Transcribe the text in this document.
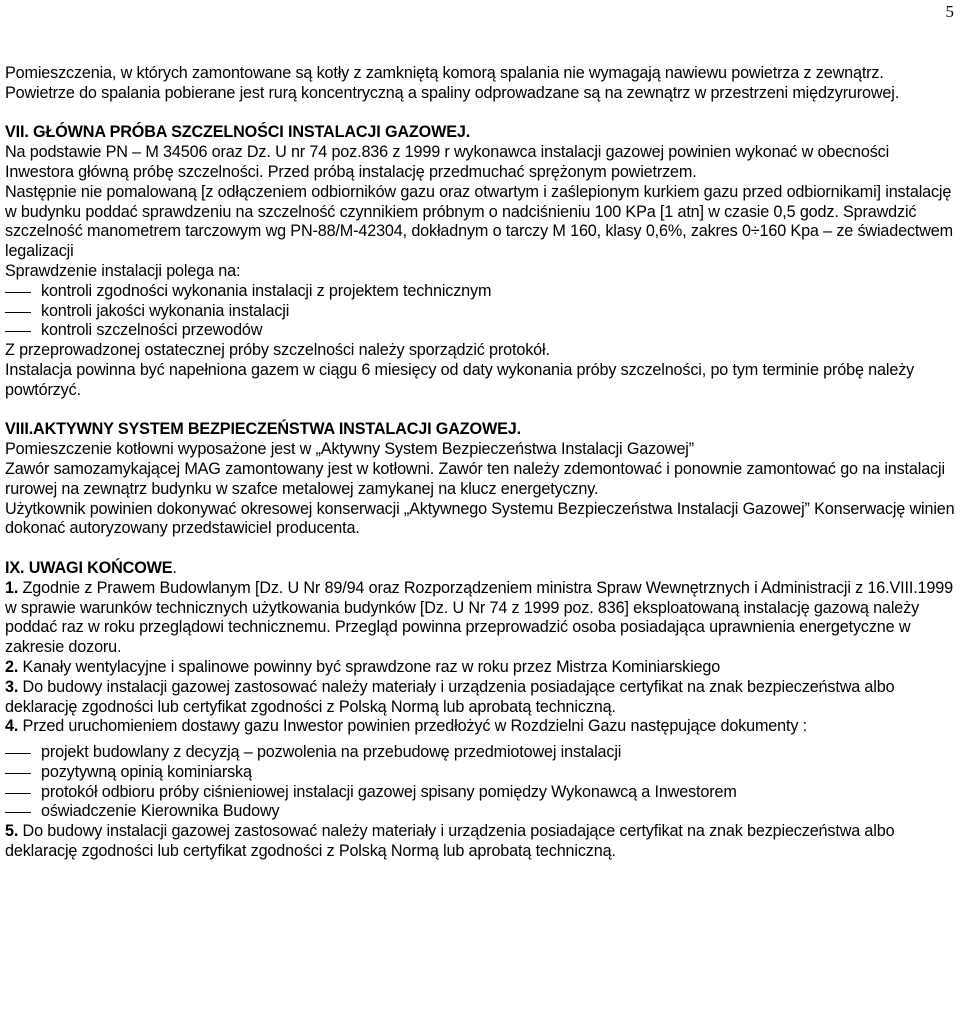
5

Pomieszczenia, w których zamontowane są kotły z zamkniętą komorą spalania nie wymagają nawiewu powietrza z zewnątrz. Powietrze do spalania pobierane jest rurą koncentryczną a spaliny odprowadzane są na zewnątrz w przestrzeni międzyrurowej.

VII. GŁÓWNA PRÓBA SZCZELNOŚCI INSTALACJI GAZOWEJ.

Na podstawie PN – M 34506 oraz Dz. U nr 74 poz.836 z 1999 r wykonawca instalacji gazowej powinien wykonać w obecności Inwestora główną próbę szczelności. Przed próbą instalację przedmuchać sprężonym powietrzem.

Następnie nie pomalowaną [z odłączeniem odbiorników gazu oraz otwartym i zaślepionym kurkiem gazu przed odbiornikami] instalację w budynku poddać sprawdzeniu na szczelność czynnikiem próbnym o nadciśnieniu 100 KPa [1 atn] w czasie 0,5 godz. Sprawdzić szczelność manometrem tarczowym wg PN-88/M-42304, dokładnym o tarczy M 160, klasy 0,6%, zakres 0÷160 Kpa – ze świadectwem legalizacji

Sprawdzenie instalacji polega na:

kontroli zgodności wykonania instalacji z projektem technicznym
kontroli jakości wykonania instalacji
kontroli szczelności przewodów

Z przeprowadzonej ostatecznej próby szczelności należy sporządzić protokół.

Instalacja powinna być napełniona gazem w ciągu 6 miesięcy od daty wykonania próby szczelności, po tym terminie próbę należy powtórzyć.

VIII.AKTYWNY SYSTEM BEZPIECZEŃSTWA INSTALACJI GAZOWEJ.

Pomieszczenie kotłowni wyposażone jest w „Aktywny System Bezpieczeństwa Instalacji Gazowej”

Zawór samozamykającej MAG zamontowany jest w kotłowni. Zawór ten należy zdemontować i ponownie zamontować go na instalacji rurowej na zewnątrz budynku w szafce metalowej zamykanej na klucz energetyczny.

Użytkownik powinien dokonywać okresowej konserwacji „Aktywnego Systemu Bezpieczeństwa Instalacji Gazowej” Konserwację winien dokonać autoryzowany przedstawiciel producenta.

IX. UWAGI KOŃCOWE.

1. Zgodnie z Prawem Budowlanym [Dz. U Nr 89/94 oraz Rozporządzeniem ministra Spraw Wewnętrznych i Administracji z 16.VIII.1999 w sprawie warunków technicznych użytkowania budynków [Dz. U Nr 74 z 1999 poz. 836] eksploatowaną instalację gazową należy poddać raz w roku przeglądowi technicznemu. Przegląd powinna przeprowadzić osoba posiadająca uprawnienia energetyczne w zakresie dozoru.

2. Kanały wentylacyjne i spalinowe powinny być sprawdzone raz w roku przez Mistrza Kominiarskiego

3. Do budowy instalacji gazowej zastosować należy materiały i urządzenia posiadające certyfikat na znak bezpieczeństwa albo deklarację zgodności lub certyfikat zgodności z Polską Normą lub aprobatą techniczną.

4. Przed uruchomieniem dostawy gazu Inwestor powinien przedłożyć w Rozdzielni Gazu następujące dokumenty :

projekt budowlany z decyzją – pozwolenia na przebudowę przedmiotowej instalacji
pozytywną opinią kominiarską
protokół odbioru próby ciśnieniowej instalacji gazowej spisany pomiędzy Wykonawcą a Inwestorem
oświadczenie Kierownika Budowy

5. Do budowy instalacji gazowej zastosować należy materiały i urządzenia posiadające certyfikat na znak bezpieczeństwa albo deklarację zgodności lub certyfikat zgodności z Polską Normą lub aprobatą techniczną.
